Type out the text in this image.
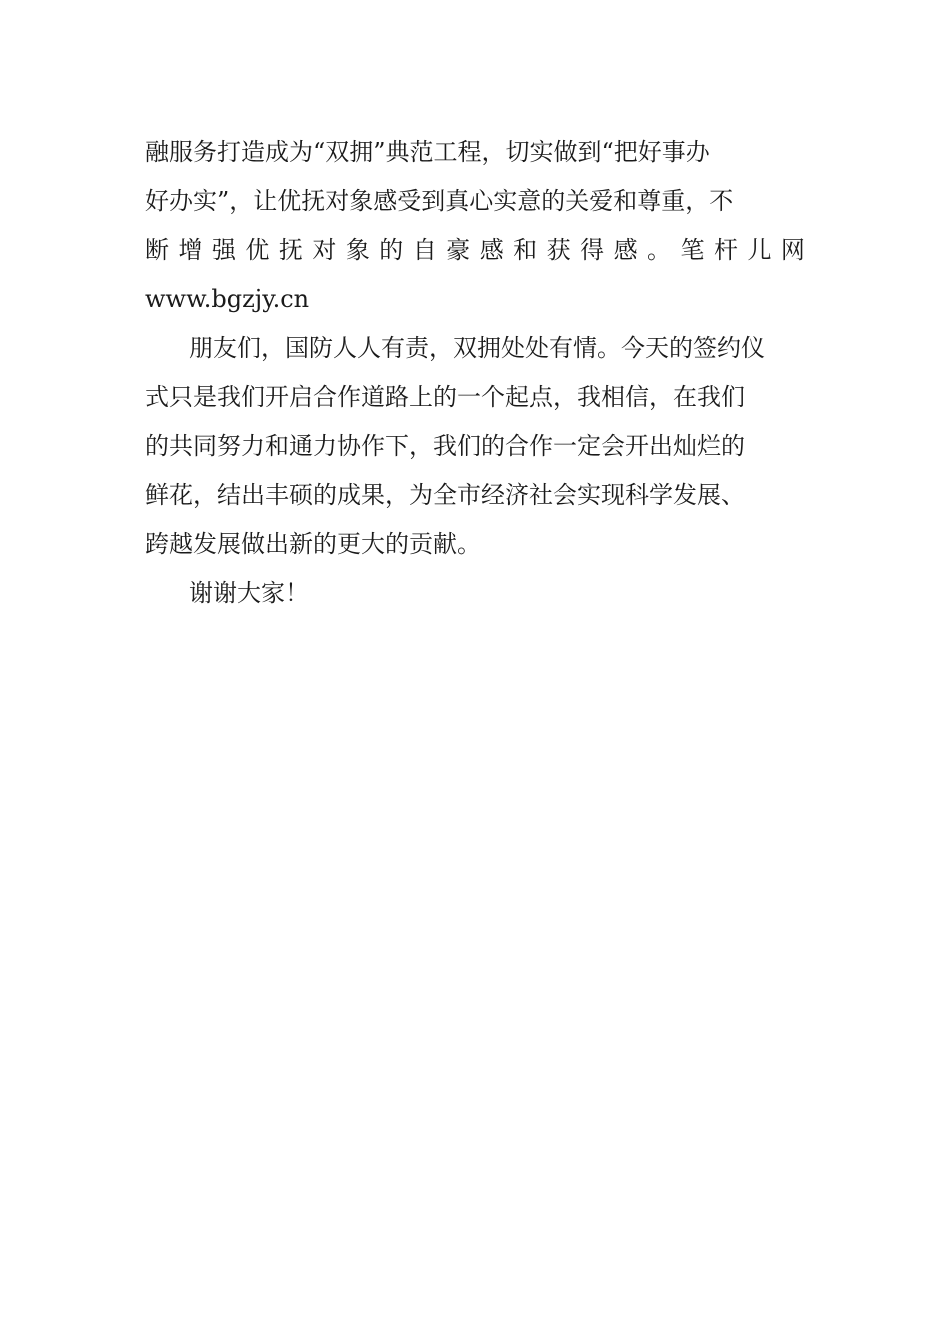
融服务打造成为“双拥”典范工程，切实做到“把好事办
好办实”，让优抚对象感受到真心实意的关爱和尊重，不
断 增 强 优 抚 对 象 的 自 豪 感 和 获 得 感 。 笔 杆 儿 网
www.bgzjy.cn
朋友们，国防人人有责，双拥处处有情。今天的签约仪
式只是我们开启合作道路上的一个起点，我相信，在我们
的共同努力和通力协作下，我们的合作一定会开出灿烂的
鲜花，结出丰硕的成果，为全市经济社会实现科学发展、
跨越发展做出新的更大的贡献。
谢谢大家！
